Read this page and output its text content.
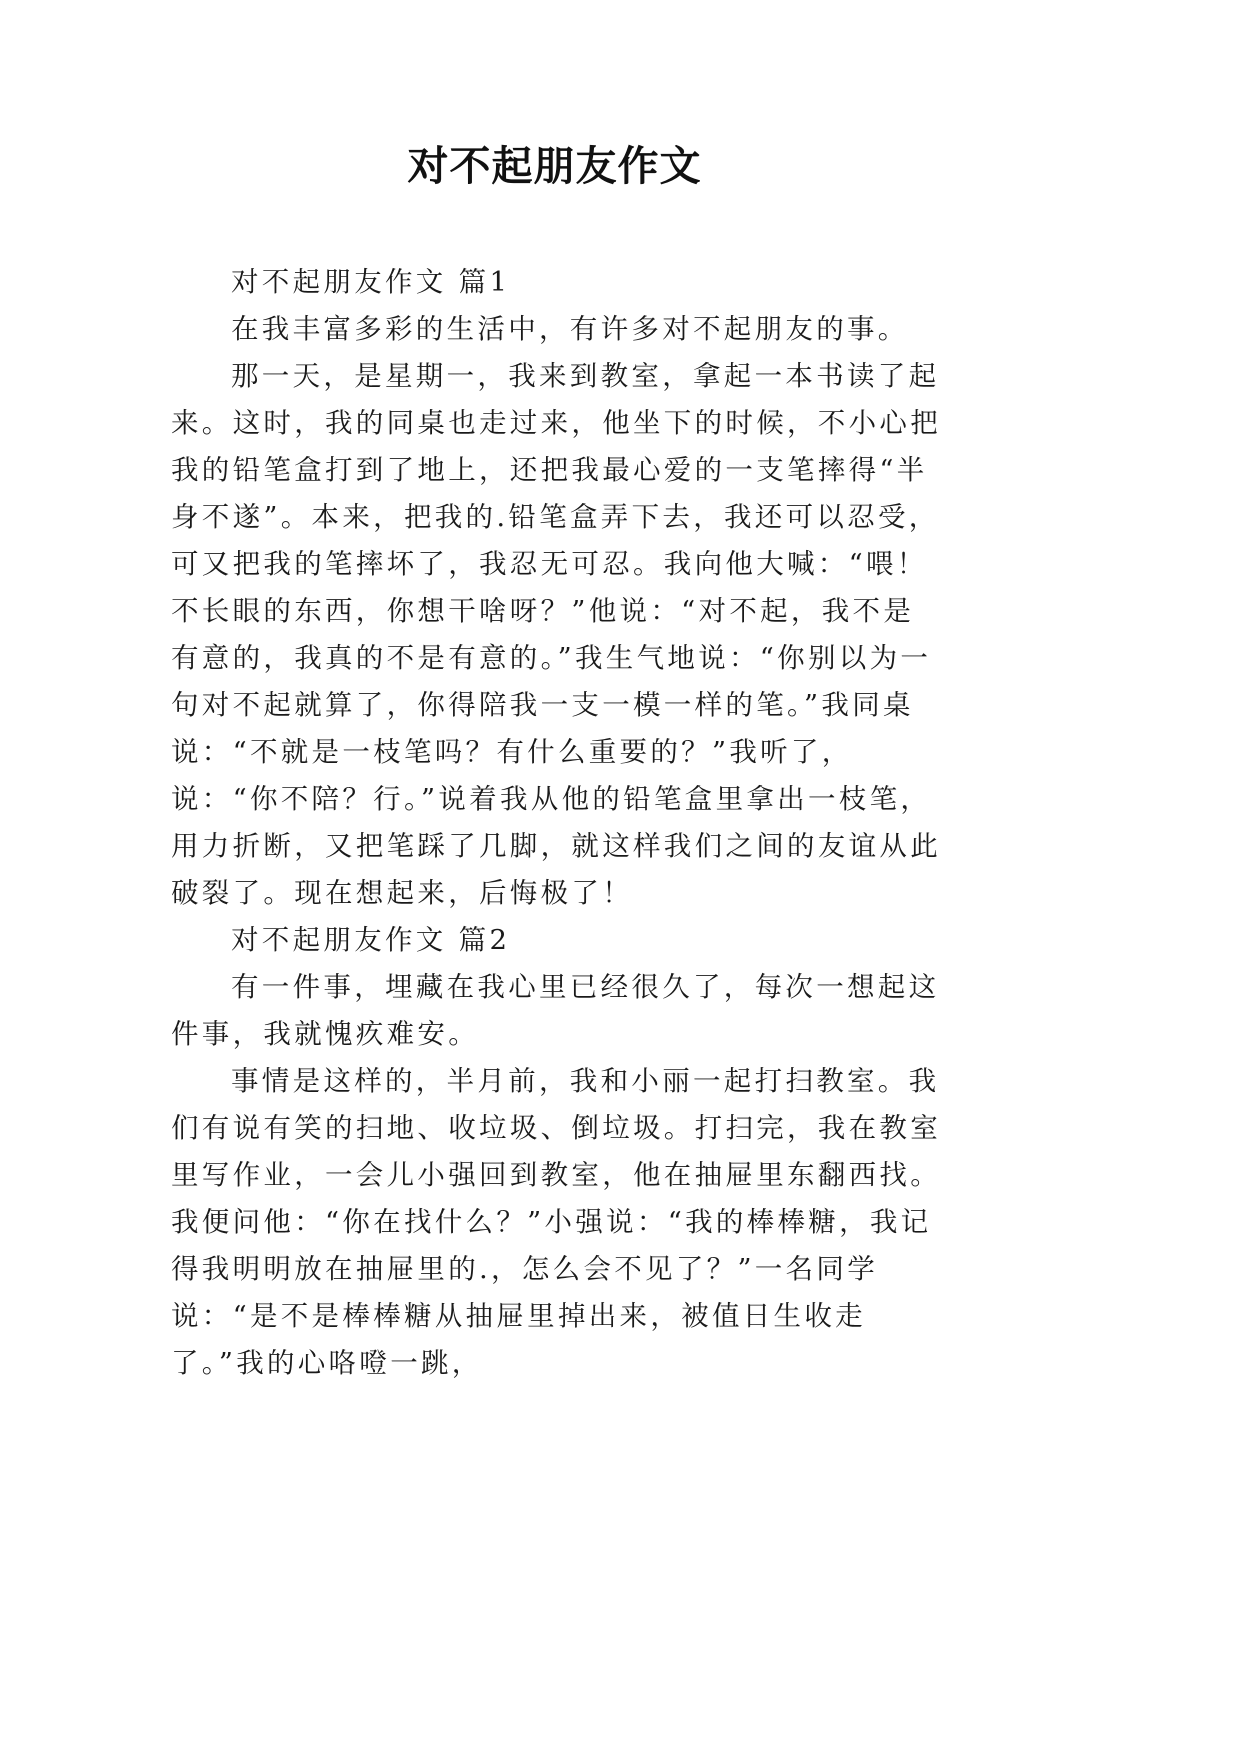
对不起朋友作文

对不起朋友作文 篇1

在我丰富多彩的生活中，有许多对不起朋友的事。

那一天，是星期一，我来到教室，拿起一本书读了起来。这时，我的同桌也走过来，他坐下的时候，不小心把我的铅笔盒打到了地上，还把我最心爱的一支笔摔得“半身不遂”。本来，把我的.铅笔盒弄下去，我还可以忍受，可又把我的笔摔坏了，我忍无可忍。我向他大喊：“喂！不长眼的东西，你想干啥呀？”他说：“对不起，我不是有意的，我真的不是有意的。”我生气地说：“你别以为一句对不起就算了，你得陪我一支一模一样的笔。”我同桌说：“不就是一枝笔吗？有什么重要的？”我听了，说：“你不陪？行。”说着我从他的铅笔盒里拿出一枝笔，用力折断，又把笔踩了几脚，就这样我们之间的友谊从此破裂了。现在想起来，后悔极了！

对不起朋友作文 篇2

有一件事，埋藏在我心里已经很久了，每次一想起这件事，我就愧疚难安。

事情是这样的，半月前，我和小丽一起打扫教室。我们有说有笑的扫地、收垃圾、倒垃圾。打扫完，我在教室里写作业，一会儿小强回到教室，他在抽屉里东翻西找。我便问他：“你在找什么？”小强说：“我的棒棒糖，我记得我明明放在抽屉里的.，怎么会不见了？”一名同学说：“是不是棒棒糖从抽屉里掉出来，被值日生收走了。”我的心咯噔一跳，
